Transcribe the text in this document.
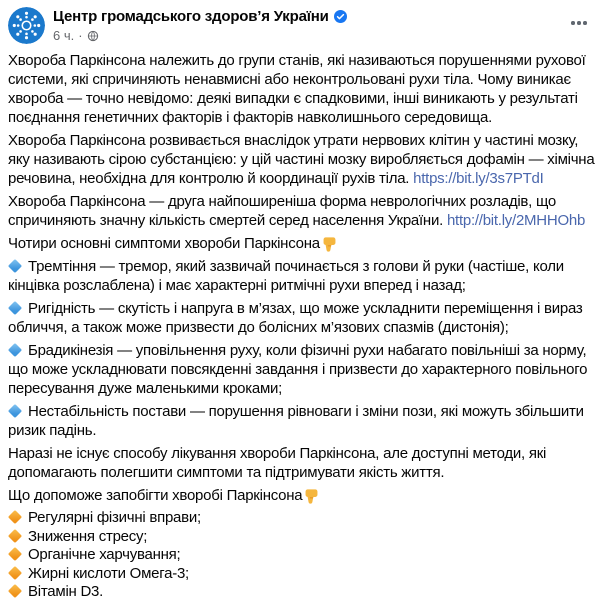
Центр громадського здоров’я України
6 ч. ·

Хвороба Паркінсона належить до групи станів, які називаються порушеннями рухової системи, які спричиняють ненавмисні або неконтрольовані рухи тіла. Чому виникає хвороба — точно невідомо: деякі випадки є спадковими, інші виникають у результаті поєднання генетичних факторів і факторів навколишнього середовища.

Хвороба Паркінсона розвивається внаслідок утрати нервових клітин у частині мозку, яку називають сірою субстанцією: у цій частині мозку виробляється дофамін — хімічна речовина, необхідна для контролю й координації рухів тіла. https://bit.ly/3s7PTdI

Хвороба Паркінсона — друга найпоширеніша форма неврологічних розладів, що спричиняють значну кількість смертей серед населення України. http://bit.ly/2MHHOhb

Чотири основні симптоми хвороби Паркінсона

Тремтіння — тремор, який зазвичай починається з голови й руки (частіше, коли кінцівка розслаблена) і має характерні ритмічні рухи вперед і назад;

Ригідність — скутість і напруга в м’язах, що може ускладнити переміщення і вираз обличчя, а також може призвести до болісних м’язових спазмів (дистонія);

Брадикінезія — уповільнення руху, коли фізичні рухи набагато повільніші за норму, що може ускладнювати повсякденні завдання і призвести до характерного повільного пересування дуже маленькими кроками;

Нестабільність постави — порушення рівноваги і зміни пози, які можуть збільшити ризик падінь.

Наразі не існує способу лікування хвороби Паркінсона, але доступні методи, які допомагають полегшити симптоми та підтримувати якість життя.

Що допоможе запобігти хворобі Паркінсона

Регулярні фізичні вправи;
Зниження стресу;
Органічне харчування;
Жирні кислоти Омега-3;
Вітамін D3.
